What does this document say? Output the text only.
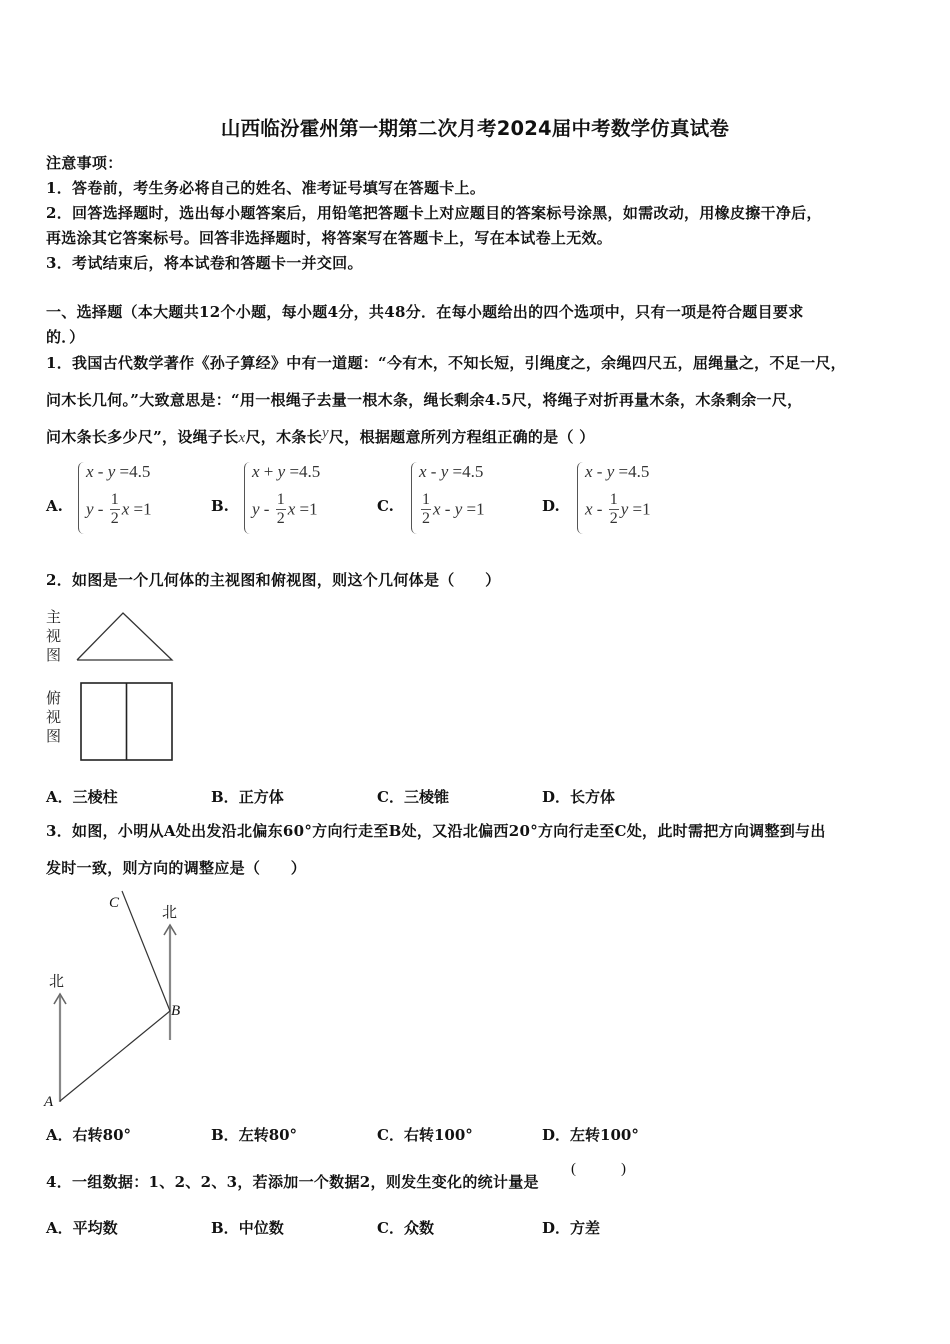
山西临汾霍州第一期第二次月考2024届中考数学仿真试卷
注意事项：
1．答卷前，考生务必将自己的姓名、准考证号填写在答题卡上。
2．回答选择题时，选出每小题答案后，用铅笔把答题卡上对应题目的答案标号涂黑，如需改动，用橡皮擦干净后，
再选涂其它答案标号。回答非选择题时，将答案写在答题卡上，写在本试卷上无效。
3．考试结束后，将本试卷和答题卡一并交回。
一、选择题（本大题共12个小题，每小题4分，共48分．在每小题给出的四个选项中，只有一项是符合题目要求
的．）
1．我国古代数学著作《孙子算经》中有一道题：“今有木，不知长短，引绳度之，余绳四尺五，屈绳量之，不足一尺，
问木长几何。”大致意思是：“用一根绳子去量一根木条，绳长剩余4.5尺，将绳子对折再量木条，木条剩余一尺，
问木条长多少尺”，设绳子长x尺，木条长y尺，根据题意所列方程组正确的是（ ）
A.
x - y =4.5
y - $\frac{1}{2}$ x =1	B.
x + y =4.5
y - $\frac{1}{2}$ x =1	C.
x - y =4.5
$\frac{1}{2}$ x - y =1	D.
x - y =4.5
x - $\frac{1}{2}$ y =1
2．如图是一个几何体的主视图和俯视图，则这个几何体是（　　）
主
视
图
俯
视
图
A．三棱柱	B．正方体	C．三棱锥	D．长方体
3．如图，小明从A处出发沿北偏东60°方向行走至B处，又沿北偏西20°方向行走至C处，此时需把方向调整到与出
发时一致，则方向的调整应是（　　）
北
北
A
B
C
A．右转80°	B．左转80°	C．右转100°	D．左转100°
4．一组数据：1、2、2、3，若添加一个数据2，则发生变化的统计量是
(　　　)
A．平均数	B．中位数	C．众数	D．方差
